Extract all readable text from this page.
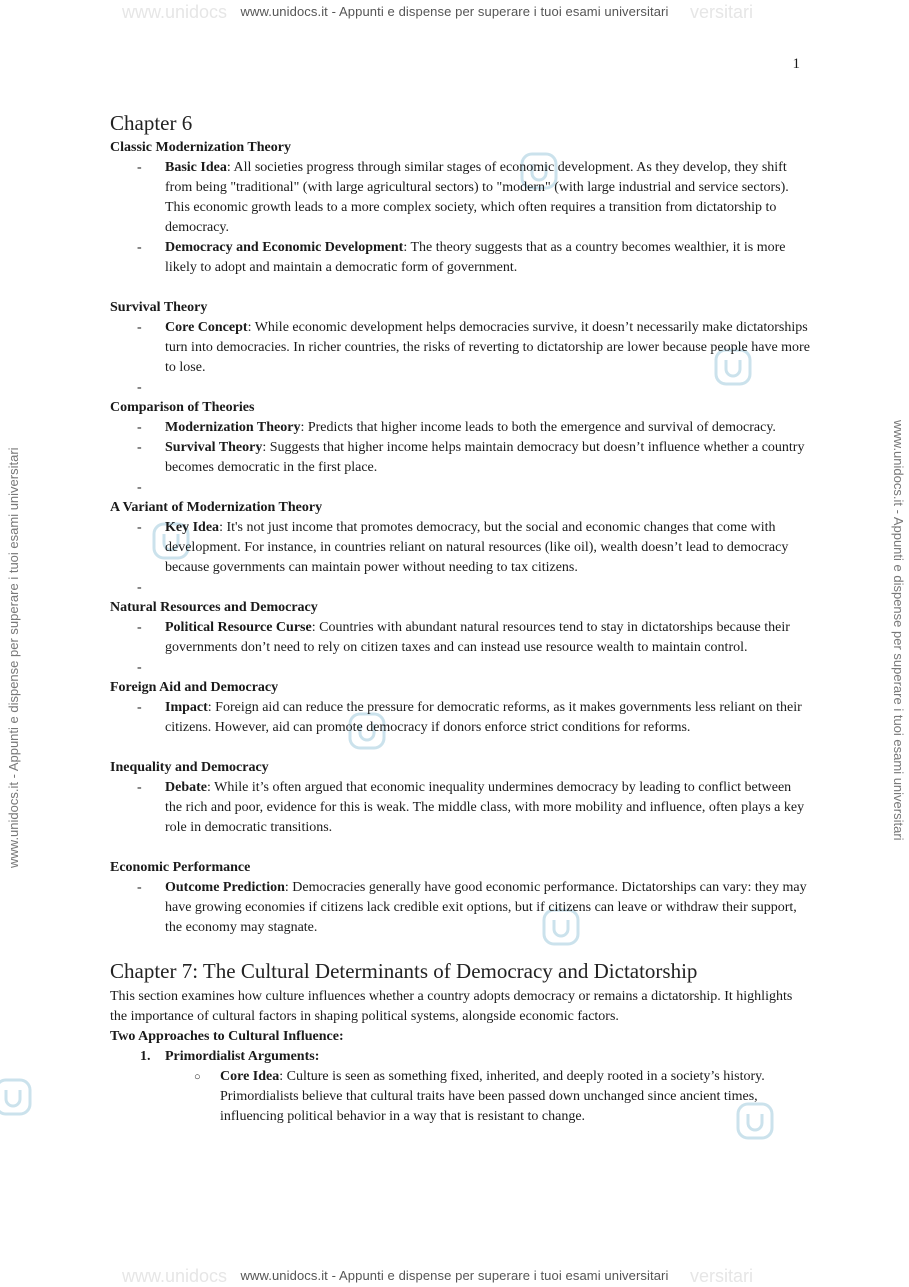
www.unidocs	versitari
www.unidocs.it - Appunti e dispense per superare i tuoi esami universitari
www.unidocs	versitari
www.unidocs.it - Appunti e dispense per superare i tuoi esami universitari
www.unidocs.it - Appunti e dispense per superare i tuoi esami universitari	www.unidocs.it - Appunti e dispense per superare i tuoi esami universitari
1
Chapter 6
Classic Modernization Theory
- Basic Idea: All societies progress through similar stages of economic development. As they develop, they shift from being "traditional" (with large agricultural sectors) to "modern" (with large industrial and service sectors). This economic growth leads to a more complex society, which often requires a transition from dictatorship to democracy.
- Democracy and Economic Development: The theory suggests that as a country becomes wealthier, it is more likely to adopt and maintain a democratic form of government.
Survival Theory
- Core Concept: While economic development helps democracies survive, it doesn’t necessarily make dictatorships turn into democracies. In richer countries, the risks of reverting to dictatorship are lower because people have more to lose.
-
Comparison of Theories
- Modernization Theory: Predicts that higher income leads to both the emergence and survival of democracy.
- Survival Theory: Suggests that higher income helps maintain democracy but doesn’t influence whether a country becomes democratic in the first place.
-
A Variant of Modernization Theory
- Key Idea: It's not just income that promotes democracy, but the social and economic changes that come with development. For instance, in countries reliant on natural resources (like oil), wealth doesn’t lead to democracy because governments can maintain power without needing to tax citizens.
-
Natural Resources and Democracy
- Political Resource Curse: Countries with abundant natural resources tend to stay in dictatorships because their governments don’t need to rely on citizen taxes and can instead use resource wealth to maintain control.
-
Foreign Aid and Democracy
- Impact: Foreign aid can reduce the pressure for democratic reforms, as it makes governments less reliant on their citizens. However, aid can promote democracy if donors enforce strict conditions for reforms.
Inequality and Democracy
- Debate: While it’s often argued that economic inequality undermines democracy by leading to conflict between the rich and poor, evidence for this is weak. The middle class, with more mobility and influence, often plays a key role in democratic transitions.
Economic Performance
- Outcome Prediction: Democracies generally have good economic performance. Dictatorships can vary: they may have growing economies if citizens lack credible exit options, but if citizens can leave or withdraw their support, the economy may stagnate.
Chapter 7: The Cultural Determinants of Democracy and Dictatorship

This section examines how culture influences whether a country adopts democracy or remains a dictatorship. It highlights the importance of cultural factors in shaping political systems, alongside economic factors.

Two Approaches to Cultural Influence:
1. Primordialist Arguments:
○ Core Idea: Culture is seen as something fixed, inherited, and deeply rooted in a society’s history. Primordialists believe that cultural traits have been passed down unchanged since ancient times, influencing political behavior in a way that is resistant to change.
